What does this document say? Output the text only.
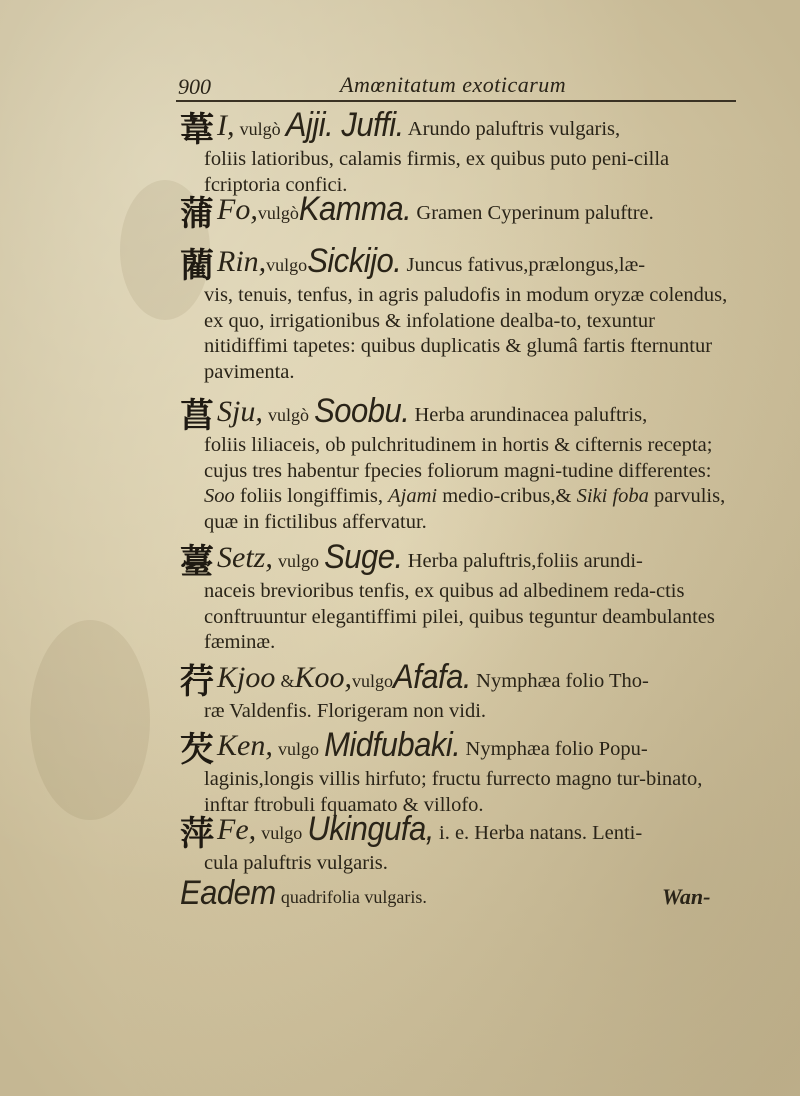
900	Amœnitatum exoticarum

葦 I, vulgò Ajji. Juffi. Arundo paluftris vulgaris,

foliis latioribus, calamis firmis, ex quibus puto peni-cilla fcriptoria confici.

蒲 Fo,vulgòKamma. Gramen Cyperinum paluftre.

藺 Rin,vulgoSickijo. Juncus fativus,prælongus,læ-

vis, tenuis, tenfus, in agris paludofis in modum oryzæ colendus, ex quo, irrigationibus & infolatione dealba-to, texuntur nitidiffimi tapetes: quibus duplicatis & glumâ fartis fternuntur pavimenta.

菖 Sju, vulgò Soobu. Herba arundinacea paluftris,

foliis liliaceis, ob pulchritudinem in hortis & cifternis recepta; cujus tres habentur fpecies foliorum magni-tudine differentes: Soo foliis longiffimis, Ajami medio-cribus,& Siki foba parvulis, quæ in fictilibus affervatur.

薹 Setz, vulgo Suge. Herba paluftris,foliis arundi-

naceis brevioribus tenfis, ex quibus ad albedinem reda-ctis conftruuntur elegantiffimi pilei, quibus teguntur deambulantes fæminæ.

荇 Kjoo &Koo,vulgoAfafa. Nymphæa folio Tho-

ræ Valdenfis. Florigeram non vidi.

芡 Ken, vulgo Midfubaki. Nymphæa folio Popu-

laginis,longis villis hirfuto; fructu furrecto magno tur-binato, inftar ftrobuli fquamato & villofo.

萍 Fe, vulgo Ukingufa, i. e. Herba natans. Lenti-

cula paluftris vulgaris.

Eadem quadrifolia vulgaris.	Wan-
